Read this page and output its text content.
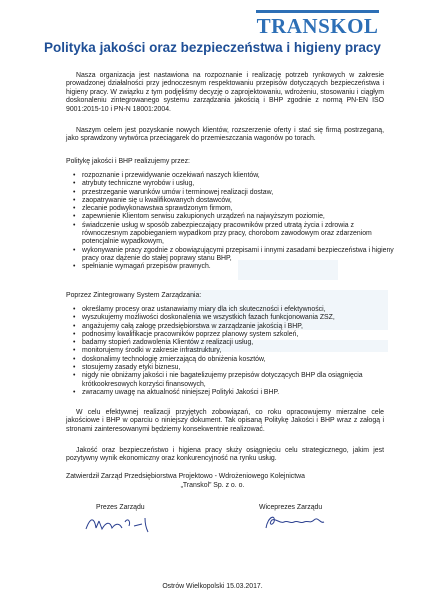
TRANSKOL
Polityka jakości oraz bezpieczeństwa i higieny pracy

Nasza organizacja jest nastawiona na rozpoznanie i realizację potrzeb rynkowych w zakresie prowadzonej działalności przy jednoczesnym respektowaniu przepisów dotyczących bezpieczeństwa i higieny pracy. W związku z tym podjęliśmy decyzję o zaprojektowaniu, wdrożeniu, stosowaniu i ciągłym doskonaleniu zintegrowanego systemu zarządzania jakością i BHP zgodnie z normą PN-EN ISO 9001:2015-10 i PN-N 18001:2004.

Naszym celem jest pozyskanie nowych klientów, rozszerzenie oferty i stać się firmą postrzeganą, jako sprawdzony wytwórca przeciągarek do przemieszczania wagonów po torach.

Politykę jakości i BHP realizujemy przez:

• rozpoznanie i przewidywanie oczekiwań naszych klientów,
• atrybuty techniczne wyrobów i usług,
• przestrzeganie warunków umów i terminowej realizacji dostaw,
• zaopatrywanie się u kwalifikowanych dostawców,
• zlecanie podwykonawstwa sprawdzonym firmom,
• zapewnienie Klientom serwisu zakupionych urządzeń na najwyższym poziomie,
• świadczenie usług w sposób zabezpieczający pracowników przed utratą życia i zdrowia z równoczesnym zapobieganiem wypadkom przy pracy, chorobom zawodowym oraz zdarzeniom potencjalnie wypadkowym,
• wykonywanie pracy zgodnie z obowiązującymi przepisami i innymi zasadami bezpieczeństwa i higieny pracy oraz dążenie do stałej poprawy stanu BHP,
• spełnianie wymagań przepisów prawnych.

Poprzez Zintegrowany System Zarządzania:

• określamy procesy oraz ustanawiamy miary dla ich skuteczności i efektywności,
• wyszukujemy możliwości doskonalenia we wszystkich fazach funkcjonowania ZSZ,
• angażujemy całą załogę przedsiębiorstwa w zarządzanie jakością i BHP,
• podnosimy kwalifikacje pracowników poprzez planowy system szkoleń,
• badamy stopień zadowolenia Klientów z realizacji usług,
• monitorujemy środki w zakresie infrastruktury,
• doskonalimy technologię zmierzającą do obniżenia kosztów,
• stosujemy zasady etyki biznesu,
• nigdy nie obniżamy jakości i nie bagatelizujemy przepisów dotyczących BHP dla osiągnięcia krótkookresowych korzyści finansowych,
• zwracamy uwagę na aktualność niniejszej Polityki Jakości i BHP.

W celu efektywnej realizacji przyjętych zobowiązań, co roku opracowujemy mierzalne cele jakościowe i BHP w oparciu o niniejszy dokument. Tak opisaną Politykę Jakości i BHP wraz z załogą i stronami zainteresowanymi będziemy konsekwentnie realizować.

Jakość oraz bezpieczeństwo i higiena pracy służy osiągnięciu celu strategicznego, jakim jest pozytywny wynik ekonomiczny oraz konkurencyjność na rynku usług.

Zatwierdził Zarząd Przedsiębiorstwa Projektowo - Wdrożeniowego Kolejnictwa

„Transkol” Sp. z o. o.
Prezes Zarządu	Wiceprezes Zarządu
Ostrów Wielkopolski 15.03.2017.
